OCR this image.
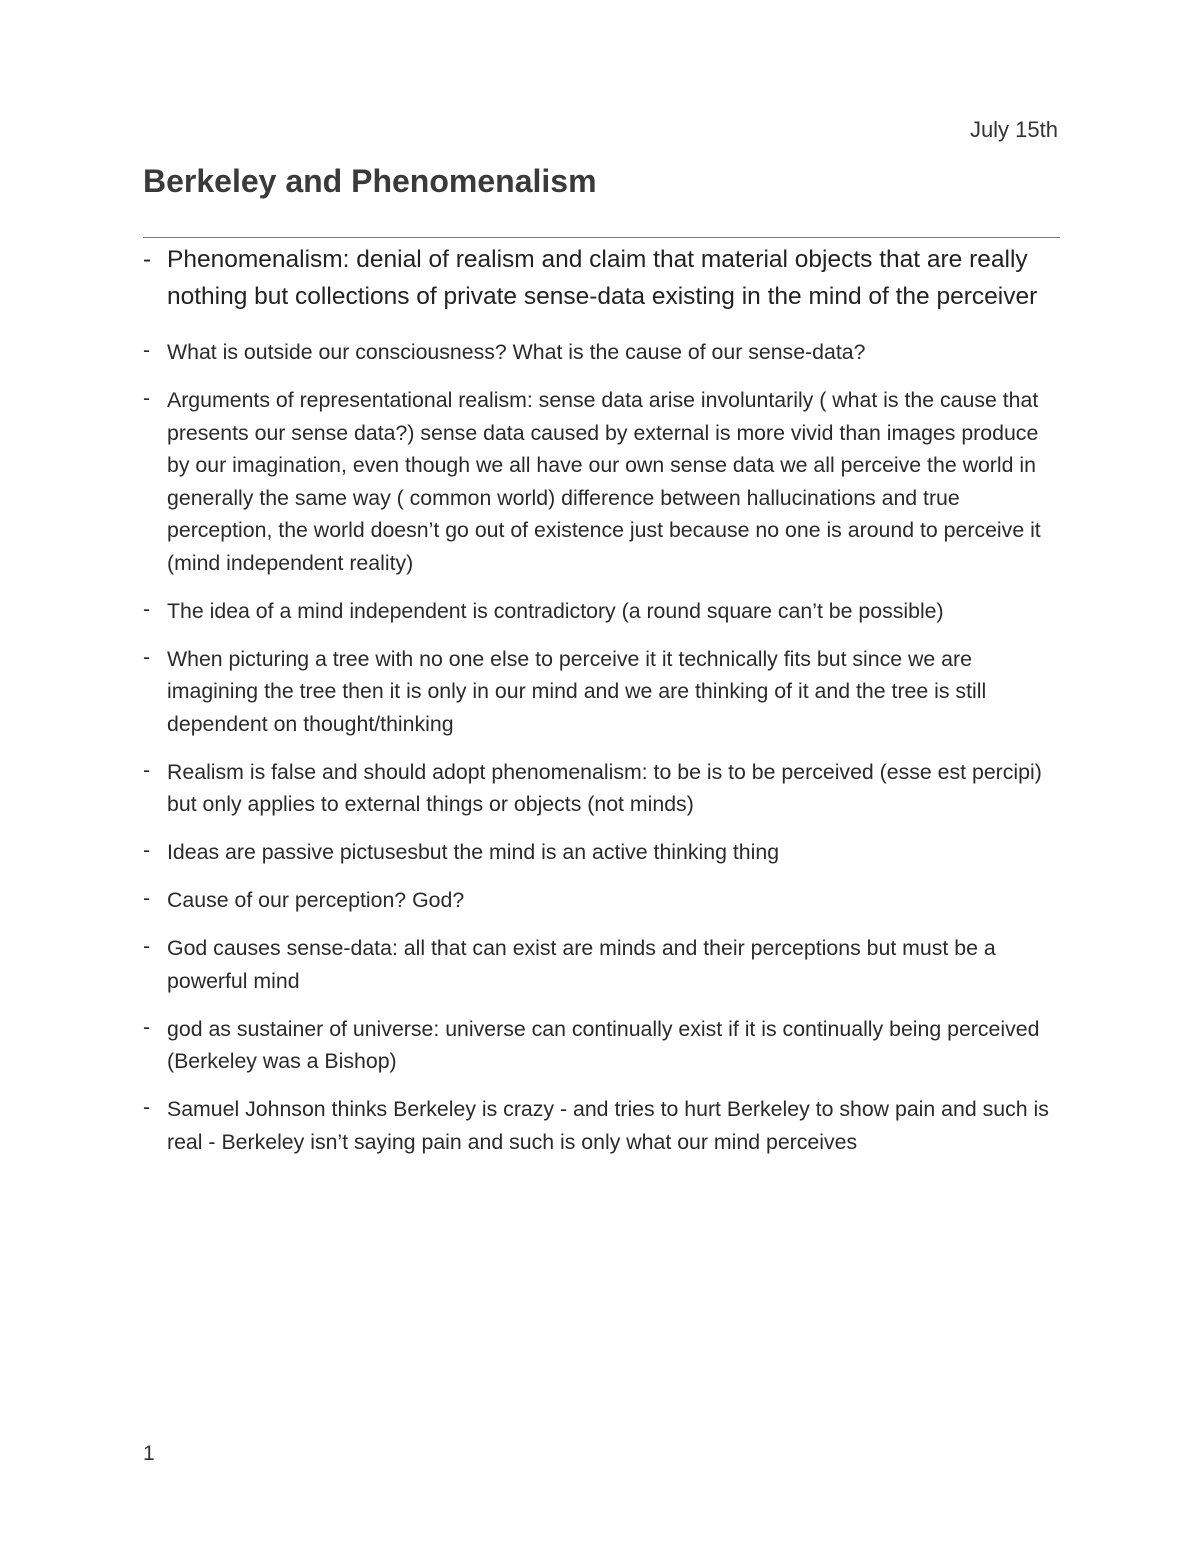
July 15th
Berkeley and Phenomenalism
- Phenomenalism: denial of realism and claim that material objects that are really nothing but collections of private sense-data existing in the mind of the perceiver
- What is outside our consciousness? What is the cause of our sense-data?
- Arguments of representational realism: sense data arise involuntarily ( what is the cause that presents our sense data?) sense data caused by external is more vivid than images produce by our imagination, even though we all have our own sense data we all perceive the world in generally the same way ( common world) difference between hallucinations and true perception, the world doesn’t go out of existence just because no one is around to perceive it (mind independent reality)
- The idea of a mind independent is contradictory (a round square can’t be possible)
- When picturing a tree with no one else to perceive it it technically fits but since we are imagining the tree then it is only in our mind and we are thinking of it and the tree is still dependent on thought/thinking
- Realism is false and should adopt phenomenalism: to be is to be perceived (esse est percipi) but only applies to external things or objects (not minds)
- Ideas are passive pictusesbut the mind is an active thinking thing
- Cause of our perception? God?
- God causes sense-data: all that can exist are minds and their perceptions but must be a powerful mind
- god as sustainer of universe: universe can continually exist if it is continually being perceived (Berkeley was a Bishop)
- Samuel Johnson thinks Berkeley is crazy - and tries to hurt Berkeley to show pain and such is real - Berkeley isn’t saying pain and such is only what our mind perceives
1
